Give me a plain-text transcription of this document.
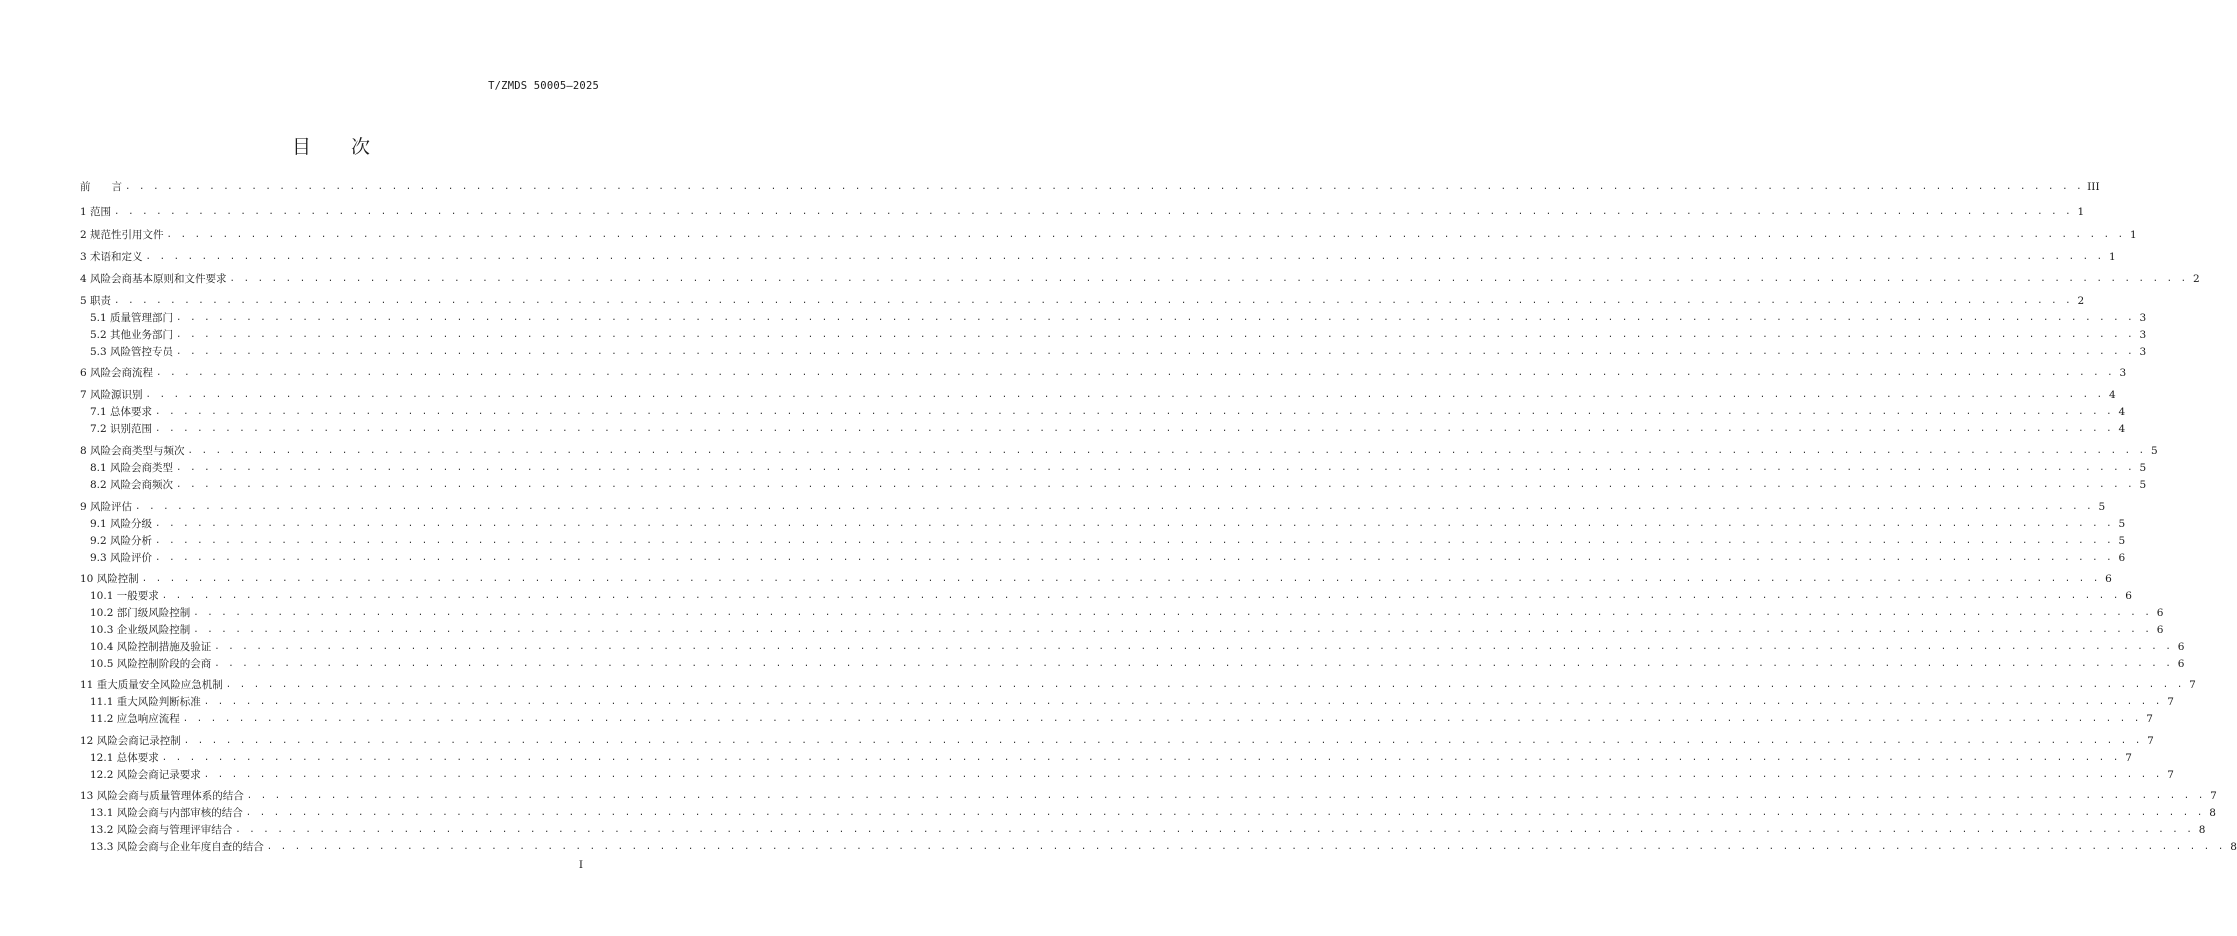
T/ZMDS 50005—2025
目次
前　　言 . . . . . . . . . . . . . . . . . . . . . . . . . . . . . . . . . . . . . . . . . . . . . . . . . . . . . . . . . . . . . . . . . . . . . . . . . . . . . . . . . . . . . . . . . . . . . . . . . . . . . . . . . . . . . . . . . . . . . . . . . . . . . . . . . . . . . . . . . . . . III
1 范围 . . . . . . . . . . . . . . . . . . . . . . . . . . . . . . . . . . . . . . . . . . . . . . . . . . . . . . . . . . . . . . . . . . . . . . . . . . . . . . . . . . . . . . . . . . . . . . . . . . . . . . . . . . . . . . . . . . . . . . . . . . . . . . . . . . . . . . . . . . . . 1
2 规范性引用文件 . . . . . . . . . . . . . . . . . . . . . . . . . . . . . . . . . . . . . . . . . . . . . . . . . . . . . . . . . . . . . . . . . . . . . . . . . . . . . . . . . . . . . . . . . . . . . . . . . . . . . . . . . . . . . . . . . . . . . . . . . . . . . . . . . . . . . . . . . . . . 1
3 术语和定义 . . . . . . . . . . . . . . . . . . . . . . . . . . . . . . . . . . . . . . . . . . . . . . . . . . . . . . . . . . . . . . . . . . . . . . . . . . . . . . . . . . . . . . . . . . . . . . . . . . . . . . . . . . . . . . . . . . . . . . . . . . . . . . . . . . . . . . . . . . . . 1
4 风险会商基本原则和文件要求 . . . . . . . . . . . . . . . . . . . . . . . . . . . . . . . . . . . . . . . . . . . . . . . . . . . . . . . . . . . . . . . . . . . . . . . . . . . . . . . . . . . . . . . . . . . . . . . . . . . . . . . . . . . . . . . . . . . . . . . . . . . . . . . . . . . . . . . . . . . . 2
5 职责 . . . . . . . . . . . . . . . . . . . . . . . . . . . . . . . . . . . . . . . . . . . . . . . . . . . . . . . . . . . . . . . . . . . . . . . . . . . . . . . . . . . . . . . . . . . . . . . . . . . . . . . . . . . . . . . . . . . . . . . . . . . . . . . . . . . . . . . . . . . . 2
5.1 质量管理部门 . . . . . . . . . . . . . . . . . . . . . . . . . . . . . . . . . . . . . . . . . . . . . . . . . . . . . . . . . . . . . . . . . . . . . . . . . . . . . . . . . . . . . . . . . . . . . . . . . . . . . . . . . . . . . . . . . . . . . . . . . . . . . . . . . . . . . . . . . . . . 3
5.2 其他业务部门 . . . . . . . . . . . . . . . . . . . . . . . . . . . . . . . . . . . . . . . . . . . . . . . . . . . . . . . . . . . . . . . . . . . . . . . . . . . . . . . . . . . . . . . . . . . . . . . . . . . . . . . . . . . . . . . . . . . . . . . . . . . . . . . . . . . . . . . . . . . . 3
5.3 风险管控专员 . . . . . . . . . . . . . . . . . . . . . . . . . . . . . . . . . . . . . . . . . . . . . . . . . . . . . . . . . . . . . . . . . . . . . . . . . . . . . . . . . . . . . . . . . . . . . . . . . . . . . . . . . . . . . . . . . . . . . . . . . . . . . . . . . . . . . . . . . . . . 3
6 风险会商流程 . . . . . . . . . . . . . . . . . . . . . . . . . . . . . . . . . . . . . . . . . . . . . . . . . . . . . . . . . . . . . . . . . . . . . . . . . . . . . . . . . . . . . . . . . . . . . . . . . . . . . . . . . . . . . . . . . . . . . . . . . . . . . . . . . . . . . . . . . . . . 3
7 风险源识别 . . . . . . . . . . . . . . . . . . . . . . . . . . . . . . . . . . . . . . . . . . . . . . . . . . . . . . . . . . . . . . . . . . . . . . . . . . . . . . . . . . . . . . . . . . . . . . . . . . . . . . . . . . . . . . . . . . . . . . . . . . . . . . . . . . . . . . . . . . . . 4
7.1 总体要求 . . . . . . . . . . . . . . . . . . . . . . . . . . . . . . . . . . . . . . . . . . . . . . . . . . . . . . . . . . . . . . . . . . . . . . . . . . . . . . . . . . . . . . . . . . . . . . . . . . . . . . . . . . . . . . . . . . . . . . . . . . . . . . . . . . . . . . . . . . . . 4
7.2 识别范围 . . . . . . . . . . . . . . . . . . . . . . . . . . . . . . . . . . . . . . . . . . . . . . . . . . . . . . . . . . . . . . . . . . . . . . . . . . . . . . . . . . . . . . . . . . . . . . . . . . . . . . . . . . . . . . . . . . . . . . . . . . . . . . . . . . . . . . . . . . . . 4
8 风险会商类型与频次 . . . . . . . . . . . . . . . . . . . . . . . . . . . . . . . . . . . . . . . . . . . . . . . . . . . . . . . . . . . . . . . . . . . . . . . . . . . . . . . . . . . . . . . . . . . . . . . . . . . . . . . . . . . . . . . . . . . . . . . . . . . . . . . . . . . . . . . . . . . . 5
8.1 风险会商类型 . . . . . . . . . . . . . . . . . . . . . . . . . . . . . . . . . . . . . . . . . . . . . . . . . . . . . . . . . . . . . . . . . . . . . . . . . . . . . . . . . . . . . . . . . . . . . . . . . . . . . . . . . . . . . . . . . . . . . . . . . . . . . . . . . . . . . . . . . . . . 5
8.2 风险会商频次 . . . . . . . . . . . . . . . . . . . . . . . . . . . . . . . . . . . . . . . . . . . . . . . . . . . . . . . . . . . . . . . . . . . . . . . . . . . . . . . . . . . . . . . . . . . . . . . . . . . . . . . . . . . . . . . . . . . . . . . . . . . . . . . . . . . . . . . . . . . . 5
9 风险评估 . . . . . . . . . . . . . . . . . . . . . . . . . . . . . . . . . . . . . . . . . . . . . . . . . . . . . . . . . . . . . . . . . . . . . . . . . . . . . . . . . . . . . . . . . . . . . . . . . . . . . . . . . . . . . . . . . . . . . . . . . . . . . . . . . . . . . . . . . . . . 5
9.1 风险分级 . . . . . . . . . . . . . . . . . . . . . . . . . . . . . . . . . . . . . . . . . . . . . . . . . . . . . . . . . . . . . . . . . . . . . . . . . . . . . . . . . . . . . . . . . . . . . . . . . . . . . . . . . . . . . . . . . . . . . . . . . . . . . . . . . . . . . . . . . . . . 5
9.2 风险分析 . . . . . . . . . . . . . . . . . . . . . . . . . . . . . . . . . . . . . . . . . . . . . . . . . . . . . . . . . . . . . . . . . . . . . . . . . . . . . . . . . . . . . . . . . . . . . . . . . . . . . . . . . . . . . . . . . . . . . . . . . . . . . . . . . . . . . . . . . . . . 5
9.3 风险评价 . . . . . . . . . . . . . . . . . . . . . . . . . . . . . . . . . . . . . . . . . . . . . . . . . . . . . . . . . . . . . . . . . . . . . . . . . . . . . . . . . . . . . . . . . . . . . . . . . . . . . . . . . . . . . . . . . . . . . . . . . . . . . . . . . . . . . . . . . . . . 6
10 风险控制 . . . . . . . . . . . . . . . . . . . . . . . . . . . . . . . . . . . . . . . . . . . . . . . . . . . . . . . . . . . . . . . . . . . . . . . . . . . . . . . . . . . . . . . . . . . . . . . . . . . . . . . . . . . . . . . . . . . . . . . . . . . . . . . . . . . . . . . . . . . . 6
10.1 一般要求 . . . . . . . . . . . . . . . . . . . . . . . . . . . . . . . . . . . . . . . . . . . . . . . . . . . . . . . . . . . . . . . . . . . . . . . . . . . . . . . . . . . . . . . . . . . . . . . . . . . . . . . . . . . . . . . . . . . . . . . . . . . . . . . . . . . . . . . . . . . . 6
10.2 部门级风险控制 . . . . . . . . . . . . . . . . . . . . . . . . . . . . . . . . . . . . . . . . . . . . . . . . . . . . . . . . . . . . . . . . . . . . . . . . . . . . . . . . . . . . . . . . . . . . . . . . . . . . . . . . . . . . . . . . . . . . . . . . . . . . . . . . . . . . . . . . . . . . 6
10.3 企业级风险控制 . . . . . . . . . . . . . . . . . . . . . . . . . . . . . . . . . . . . . . . . . . . . . . . . . . . . . . . . . . . . . . . . . . . . . . . . . . . . . . . . . . . . . . . . . . . . . . . . . . . . . . . . . . . . . . . . . . . . . . . . . . . . . . . . . . . . . . . . . . . . 6
10.4 风险控制措施及验证 . . . . . . . . . . . . . . . . . . . . . . . . . . . . . . . . . . . . . . . . . . . . . . . . . . . . . . . . . . . . . . . . . . . . . . . . . . . . . . . . . . . . . . . . . . . . . . . . . . . . . . . . . . . . . . . . . . . . . . . . . . . . . . . . . . . . . . . . . . . . 6
10.5 风险控制阶段的会商 . . . . . . . . . . . . . . . . . . . . . . . . . . . . . . . . . . . . . . . . . . . . . . . . . . . . . . . . . . . . . . . . . . . . . . . . . . . . . . . . . . . . . . . . . . . . . . . . . . . . . . . . . . . . . . . . . . . . . . . . . . . . . . . . . . . . . . . . . . . . 6
11 重大质量安全风险应急机制 . . . . . . . . . . . . . . . . . . . . . . . . . . . . . . . . . . . . . . . . . . . . . . . . . . . . . . . . . . . . . . . . . . . . . . . . . . . . . . . . . . . . . . . . . . . . . . . . . . . . . . . . . . . . . . . . . . . . . . . . . . . . . . . . . . . . . . . . . . . . 7
11.1 重大风险判断标准 . . . . . . . . . . . . . . . . . . . . . . . . . . . . . . . . . . . . . . . . . . . . . . . . . . . . . . . . . . . . . . . . . . . . . . . . . . . . . . . . . . . . . . . . . . . . . . . . . . . . . . . . . . . . . . . . . . . . . . . . . . . . . . . . . . . . . . . . . . . . 7
11.2 应急响应流程 . . . . . . . . . . . . . . . . . . . . . . . . . . . . . . . . . . . . . . . . . . . . . . . . . . . . . . . . . . . . . . . . . . . . . . . . . . . . . . . . . . . . . . . . . . . . . . . . . . . . . . . . . . . . . . . . . . . . . . . . . . . . . . . . . . . . . . . . . . . . 7
12 风险会商记录控制 . . . . . . . . . . . . . . . . . . . . . . . . . . . . . . . . . . . . . . . . . . . . . . . . . . . . . . . . . . . . . . . . . . . . . . . . . . . . . . . . . . . . . . . . . . . . . . . . . . . . . . . . . . . . . . . . . . . . . . . . . . . . . . . . . . . . . . . . . . . . 7
12.1 总体要求 . . . . . . . . . . . . . . . . . . . . . . . . . . . . . . . . . . . . . . . . . . . . . . . . . . . . . . . . . . . . . . . . . . . . . . . . . . . . . . . . . . . . . . . . . . . . . . . . . . . . . . . . . . . . . . . . . . . . . . . . . . . . . . . . . . . . . . . . . . . . 7
12.2 风险会商记录要求 . . . . . . . . . . . . . . . . . . . . . . . . . . . . . . . . . . . . . . . . . . . . . . . . . . . . . . . . . . . . . . . . . . . . . . . . . . . . . . . . . . . . . . . . . . . . . . . . . . . . . . . . . . . . . . . . . . . . . . . . . . . . . . . . . . . . . . . . . . . . 7
13 风险会商与质量管理体系的结合 . . . . . . . . . . . . . . . . . . . . . . . . . . . . . . . . . . . . . . . . . . . . . . . . . . . . . . . . . . . . . . . . . . . . . . . . . . . . . . . . . . . . . . . . . . . . . . . . . . . . . . . . . . . . . . . . . . . . . . . . . . . . . . . . . . . . . . . . . . . . 7
13.1 风险会商与内部审核的结合 . . . . . . . . . . . . . . . . . . . . . . . . . . . . . . . . . . . . . . . . . . . . . . . . . . . . . . . . . . . . . . . . . . . . . . . . . . . . . . . . . . . . . . . . . . . . . . . . . . . . . . . . . . . . . . . . . . . . . . . . . . . . . . . . . . . . . . . . . . . . 8
13.2 风险会商与管理评审结合 . . . . . . . . . . . . . . . . . . . . . . . . . . . . . . . . . . . . . . . . . . . . . . . . . . . . . . . . . . . . . . . . . . . . . . . . . . . . . . . . . . . . . . . . . . . . . . . . . . . . . . . . . . . . . . . . . . . . . . . . . . . . . . . . . . . . . . . . . . . . 8
13.3 风险会商与企业年度自查的结合 . . . . . . . . . . . . . . . . . . . . . . . . . . . . . . . . . . . . . . . . . . . . . . . . . . . . . . . . . . . . . . . . . . . . . . . . . . . . . . . . . . . . . . . . . . . . . . . . . . . . . . . . . . . . . . . . . . . . . . . . . . . . . . . . . . . . . . . . . . . . 8
I
